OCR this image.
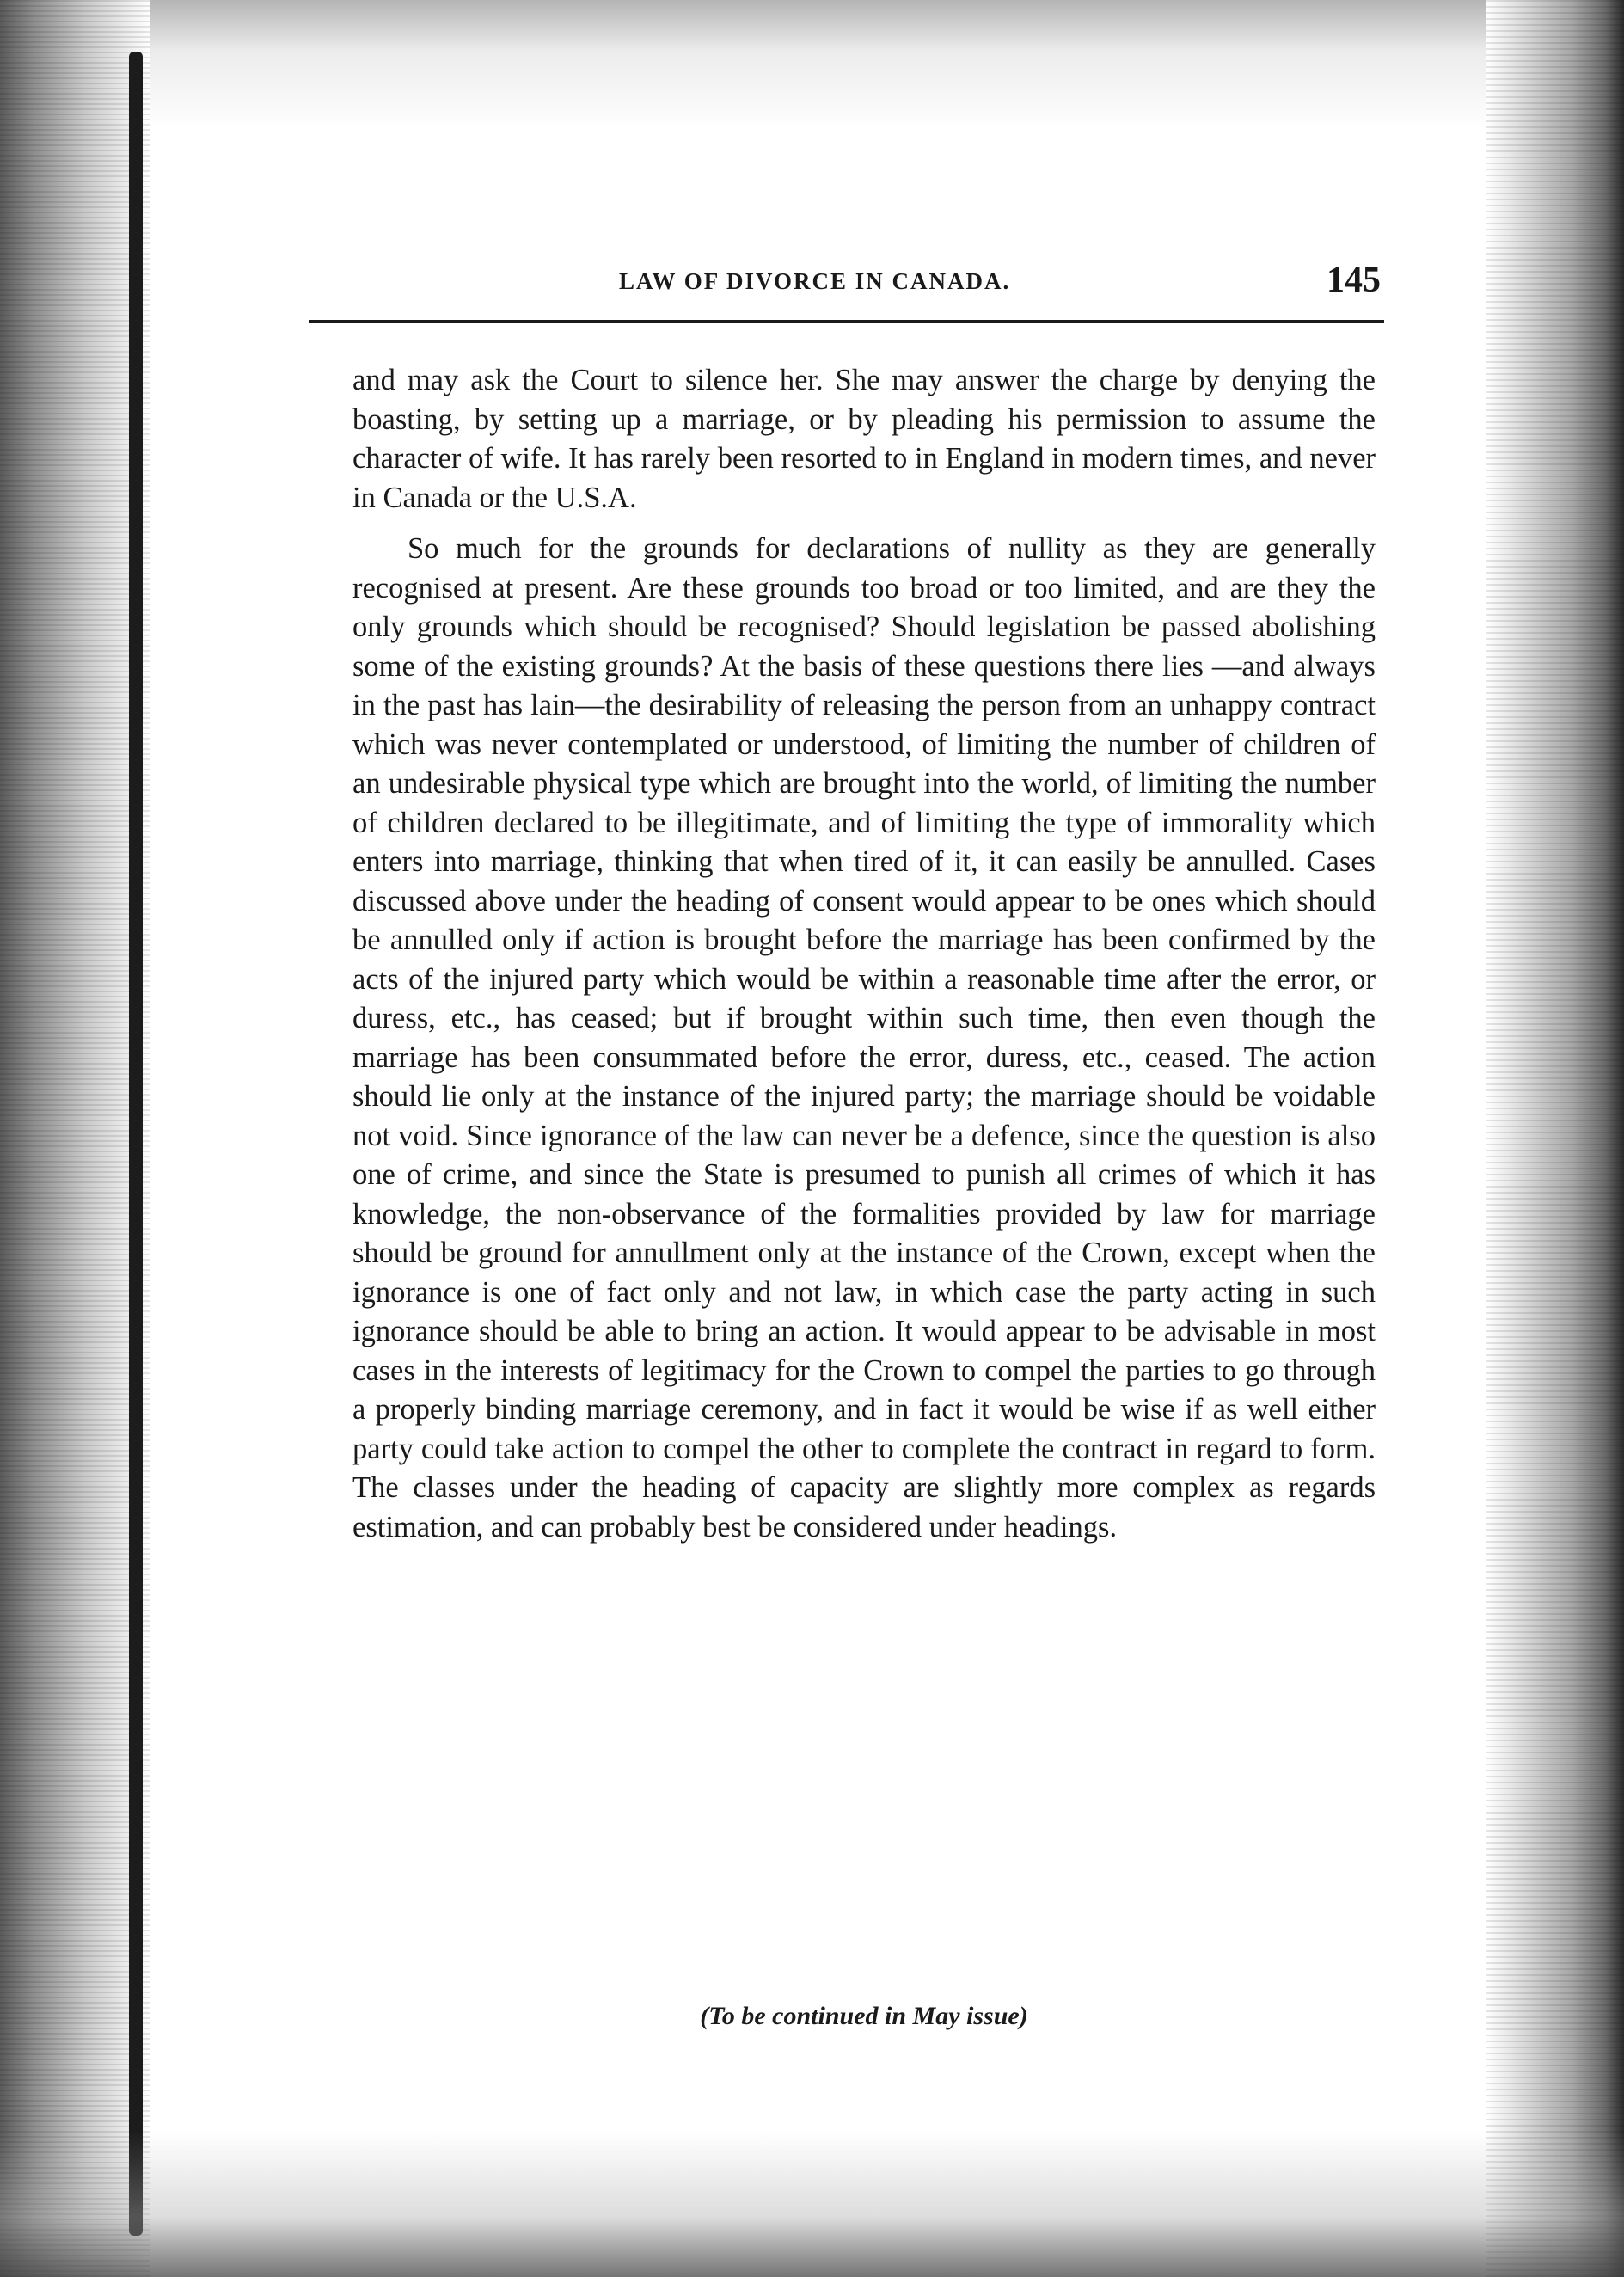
LAW OF DIVORCE IN CANADA.	145

and may ask the Court to silence her. She may answer the charge by denying the boasting, by setting up a marriage, or by pleading his permission to assume the character of wife. It has rarely been resorted to in England in modern times, and never in Canada or the U.S.A.

So much for the grounds for declarations of nullity as they are generally recognised at present. Are these grounds too broad or too limited, and are they the only grounds which should be recognised? Should legislation be passed abolishing some of the existing grounds? At the basis of these questions there lies —and always in the past has lain—the desirability of releasing the person from an unhappy contract which was never contemplated or understood, of limiting the number of children of an undesirable physical type which are brought into the world, of limiting the number of children declared to be illegitimate, and of limiting the type of immorality which enters into marriage, thinking that when tired of it, it can easily be annulled. Cases discussed above under the heading of consent would appear to be ones which should be annulled only if action is brought before the marriage has been confirmed by the acts of the injured party which would be within a reasonable time after the error, or duress, etc., has ceased; but if brought within such time, then even though the marriage has been consummated before the error, duress, etc., ceased. The action should lie only at the instance of the injured party; the marriage should be voidable not void. Since ignorance of the law can never be a defence, since the question is also one of crime, and since the State is presumed to punish all crimes of which it has knowledge, the non-observance of the formalities provided by law for marriage should be ground for annullment only at the instance of the Crown, except when the ignorance is one of fact only and not law, in which case the party acting in such ignorance should be able to bring an action. It would appear to be advisable in most cases in the interests of legitimacy for the Crown to compel the parties to go through a properly binding marriage ceremony, and in fact it would be wise if as well either party could take action to compel the other to complete the contract in regard to form. The classes under the heading of capacity are slightly more complex as regards estimation, and can probably best be considered under headings.

(To be continued in May issue)
